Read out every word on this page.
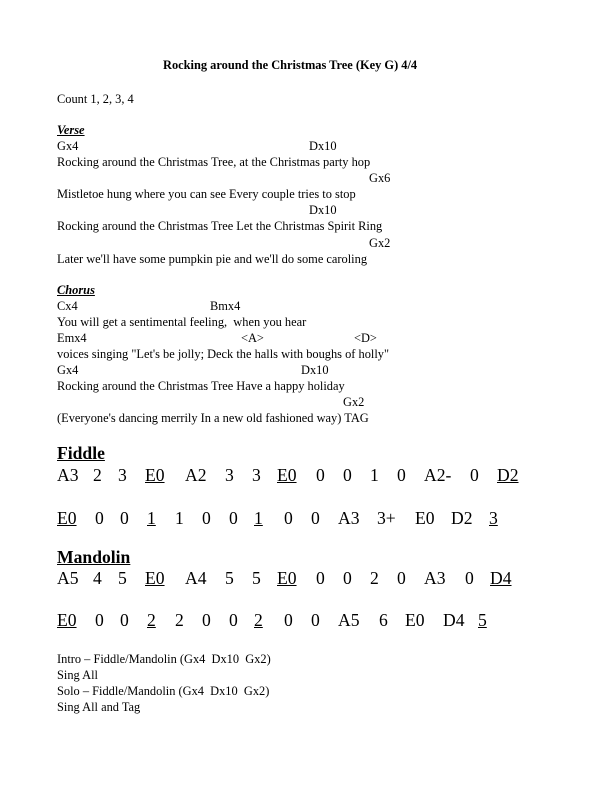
Rocking around the Christmas Tree (Key G) 4/4
Count 1, 2, 3, 4
Verse
Gx4	Dx10
Rocking around the Christmas Tree, at the Christmas party hop
Gx6
Mistletoe hung where you can see Every couple tries to stop
Dx10
Rocking around the Christmas Tree Let the Christmas Spirit Ring
Gx2
Later we'll have some pumpkin pie and we'll do some caroling
Chorus
Cx4	Bmx4
You will get a sentimental feeling,  when you hear
Emx4	<A>	<D>
voices singing "Let's be jolly; Deck the halls with boughs of holly"
Gx4	Dx10
Rocking around the Christmas Tree Have a happy holiday
Gx2
(Everyone's dancing merrily In a new old fashioned way) TAG
Fiddle
A3 2 3 E0 A2 3 3 E0 0 0 1 0 A2- 0 D2
E0 0 0 1 1 0 0 1 0 0 A3 3+ E0 D2 3
Mandolin
A5 4 5 E0 A4 5 5 E0 0 0 2 0 A3 0 D4
E0 0 0 2 2 0 0 2 0 0 A5 6 E0 D4 5
Intro – Fiddle/Mandolin (Gx4  Dx10  Gx2)
Sing All
Solo – Fiddle/Mandolin (Gx4  Dx10  Gx2)
Sing All and Tag
